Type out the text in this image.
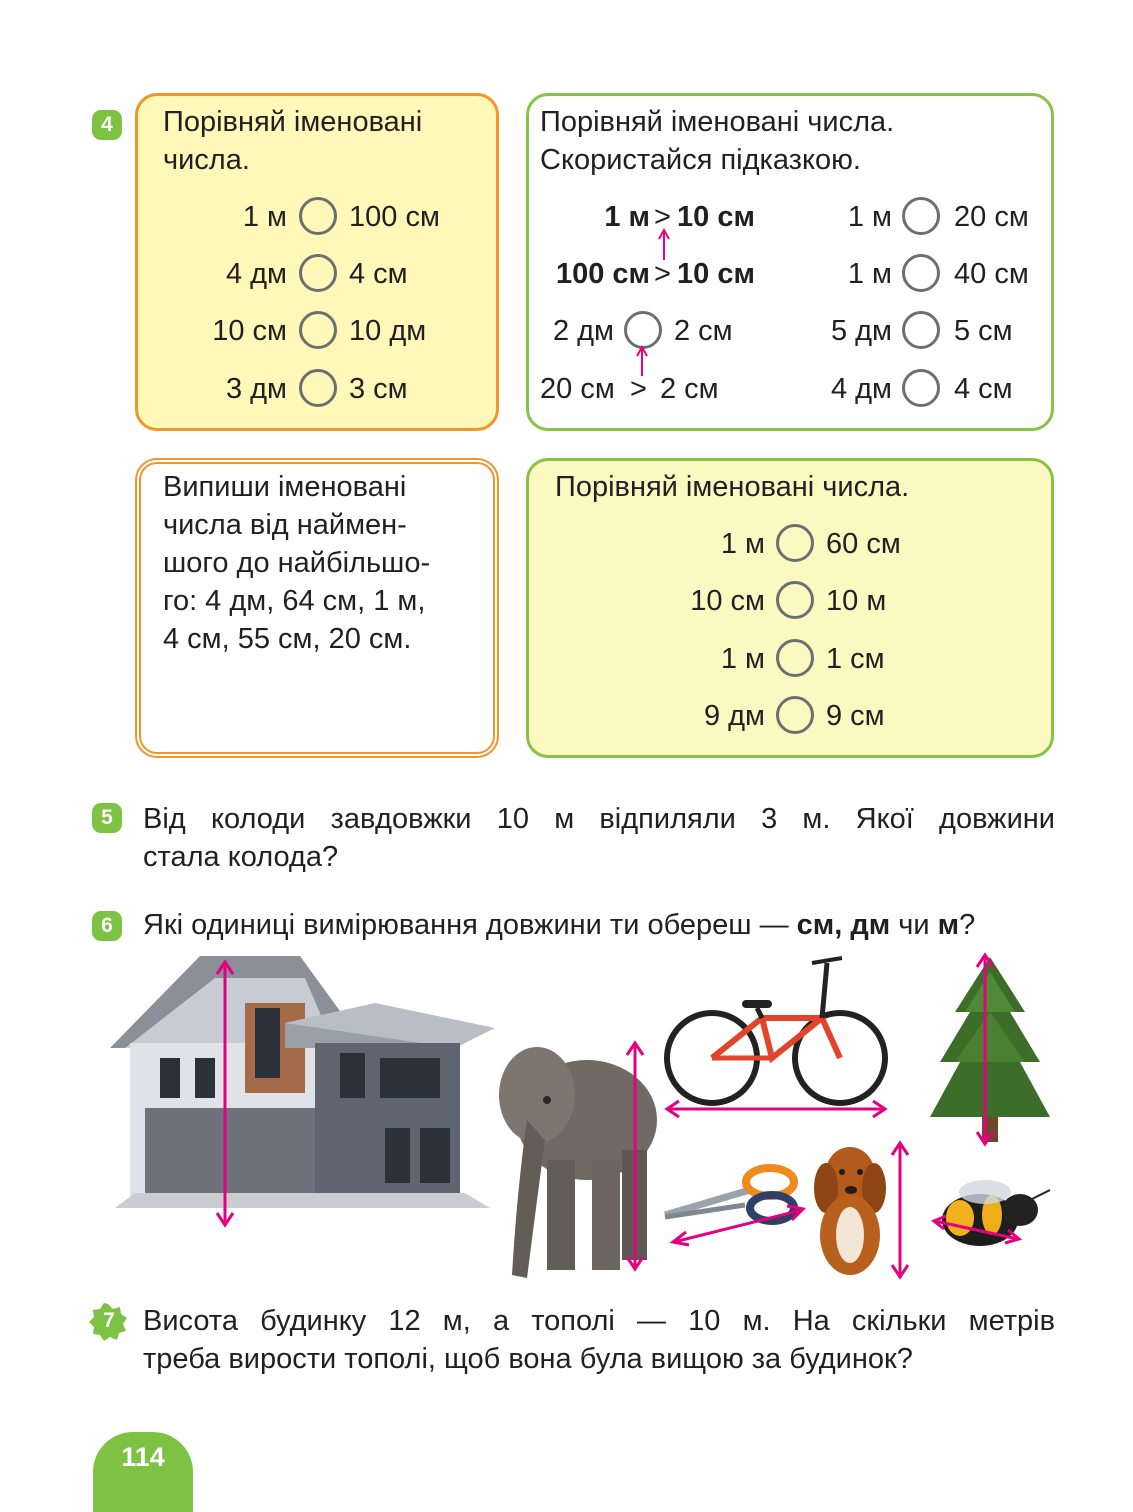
4	Порівняй іменовані
числа.
1 м 100 см
4 дм 4 см
10 см 10 дм
3 дм 3 см
Порівняй іменовані числа.
Скористайся підказкою.
1 м > 10 см
100 см > 10 см
2 дм 2 см
20 см > 2 см
1 м 20 см
1 м 40 см
5 дм 5 см
4 дм 4 см
Випиши іменовані
числа від наймен-
шого до найбільшо-
го: 4 дм, 64 см, 1 м,
4 см, 55 см, 20 см.
Порівняй іменовані числа.
1 м 60 см
10 см 10 м
1 м 1 см
9 дм 9 см
5	Від колоди завдовжки 10 м відпиляли 3 м. Якої довжини
стала колода?
6	Які одиниці вимірювання довжини ти обереш — см, дм чи м?
7 Висота будинку 12 м, а тополі — 10 м. На скільки метрів
треба вирости тополі, щоб вона була вищою за будинок?
114
